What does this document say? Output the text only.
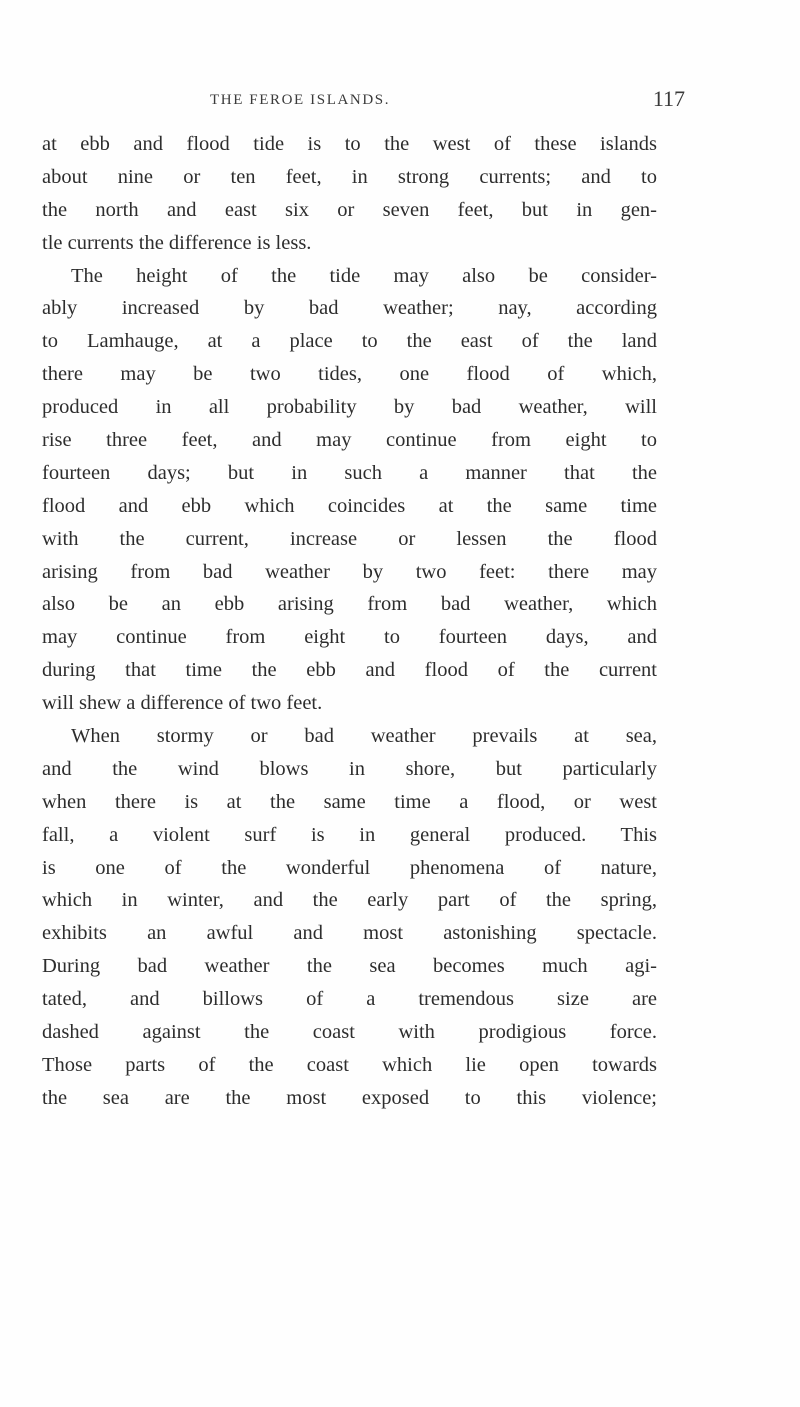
THE FEROE ISLANDS.	117
at ebb and flood tide is to the west of these islands
about nine or ten feet, in strong currents; and to
the north and east six or seven feet, but in gen-
tle currents the difference is less.
The height of the tide may also be consider-
ably increased by bad weather; nay, according
to Lamhauge, at a place to the east of the land
there may be two tides, one flood of which,
produced in all probability by bad weather, will
rise three feet, and may continue from eight to
fourteen days; but in such a manner that the
flood and ebb which coincides at the same time
with the current, increase or lessen the flood
arising from bad weather by two feet: there may
also be an ebb arising from bad weather, which
may continue from eight to fourteen days, and
during that time the ebb and flood of the current
will shew a difference of two feet.
When stormy or bad weather prevails at sea,
and the wind blows in shore, but particularly
when there is at the same time a flood, or west
fall, a violent surf is in general produced. This
is one of the wonderful phenomena of nature,
which in winter, and the early part of the spring,
exhibits an awful and most astonishing spectacle.
During bad weather the sea becomes much agi-
tated, and billows of a tremendous size are
dashed against the coast with prodigious force.
Those parts of the coast which lie open towards
the sea are the most exposed to this violence;
